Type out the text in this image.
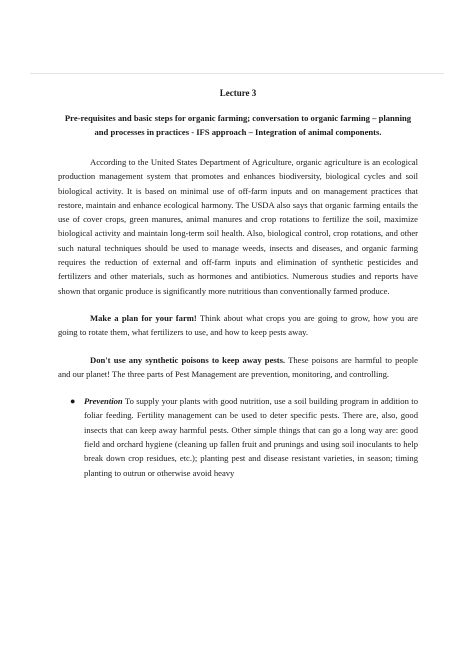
Lecture 3
Pre-requisites and basic steps for organic farming; conversation to organic farming – planning and processes in practices - IFS approach – Integration of animal components.

According to the United States Department of Agriculture, organic agriculture is an ecological production management system that promotes and enhances biodiversity, biological cycles and soil biological activity. It is based on minimal use of off-farm inputs and on management practices that restore, maintain and enhance ecological harmony. The USDA also says that organic farming entails the use of cover crops, green manures, animal manures and crop rotations to fertilize the soil, maximize biological activity and maintain long-term soil health. Also, biological control, crop rotations, and other such natural techniques should be used to manage weeds, insects and diseases, and organic farming requires the reduction of external and off-farm inputs and elimination of synthetic pesticides and fertilizers and other materials, such as hormones and antibiotics. Numerous studies and reports have shown that organic produce is significantly more nutritious than conventionally farmed produce.

Make a plan for your farm! Think about what crops you are going to grow, how you are going to rotate them, what fertilizers to use, and how to keep pests away.

Don't use any synthetic poisons to keep away pests. These poisons are harmful to people and our planet! The three parts of Pest Management are prevention, monitoring, and controlling.

● Prevention To supply your plants with good nutrition, use a soil building program in addition to foliar feeding. Fertility management can be used to deter specific pests. There are, also, good insects that can keep away harmful pests. Other simple things that can go a long way are: good field and orchard hygiene (cleaning up fallen fruit and prunings and using soil inoculants to help break down crop residues, etc.); planting pest and disease resistant varieties, in season; timing planting to outrun or otherwise avoid heavy
